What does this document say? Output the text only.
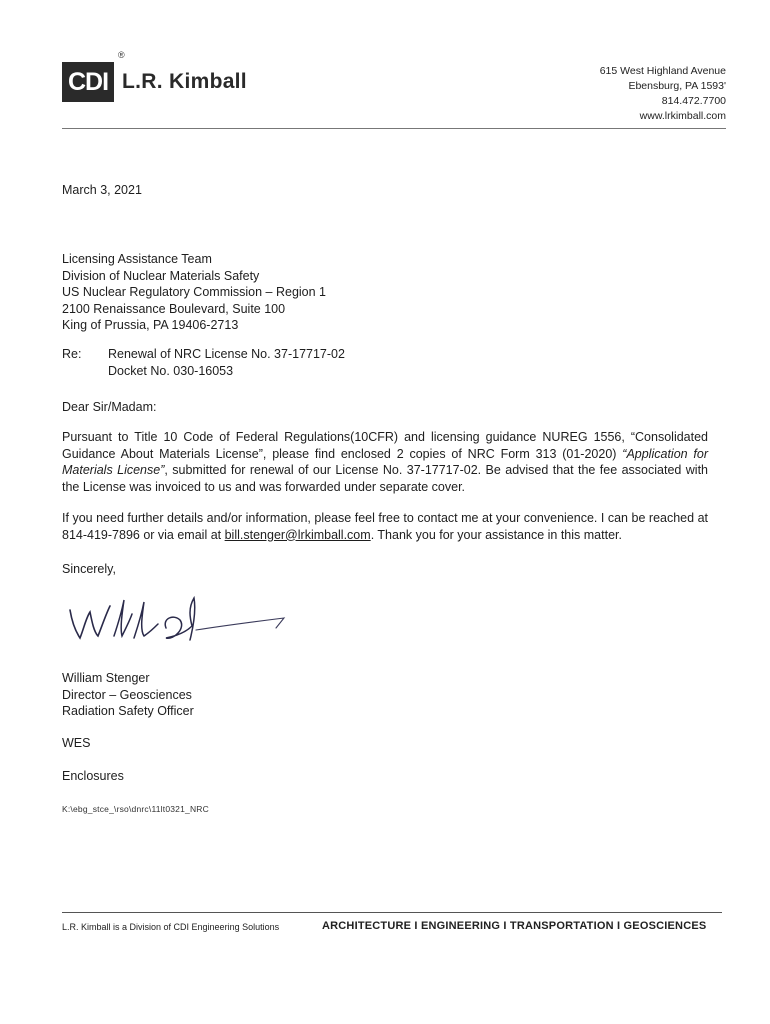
CDI
®
L.R. Kimball	615 West Highland Avenue
Ebensburg, PA 1593'
814.472.7700
www.lrkimball.com
March 3, 2021
Licensing Assistance Team
Division of Nuclear Materials Safety
US Nuclear Regulatory Commission – Region 1
2100 Renaissance Boulevard, Suite 100
King of Prussia, PA 19406-2713
Re:	Renewal of NRC License No. 37-17717-02
Docket No. 030-16053
Dear Sir/Madam:
Pursuant to Title 10 Code of Federal Regulations(10CFR) and licensing guidance NUREG 1556, “Consolidated Guidance About Materials License”, please find enclosed 2 copies of NRC Form 313 (01-2020) “Application for Materials License”, submitted for renewal of our License No. 37-17717-02. Be advised that the fee associated with the License was invoiced to us and was forwarded under separate cover.
If you need further details and/or information, please feel free to contact me at your convenience. I can be reached at 814-419-7896 or via email at bill.stenger@lrkimball.com. Thank you for your assistance in this matter.
Sincerely,
William Stenger
Director – Geosciences
Radiation Safety Officer
WES
Enclosures
K:\ebg_stce_\rso\dnrc\11lt0321_NRC
L.R. Kimball is a Division of CDI Engineering Solutions	ARCHITECTURE I ENGINEERING I TRANSPORTATION I GEOSCIENCES
